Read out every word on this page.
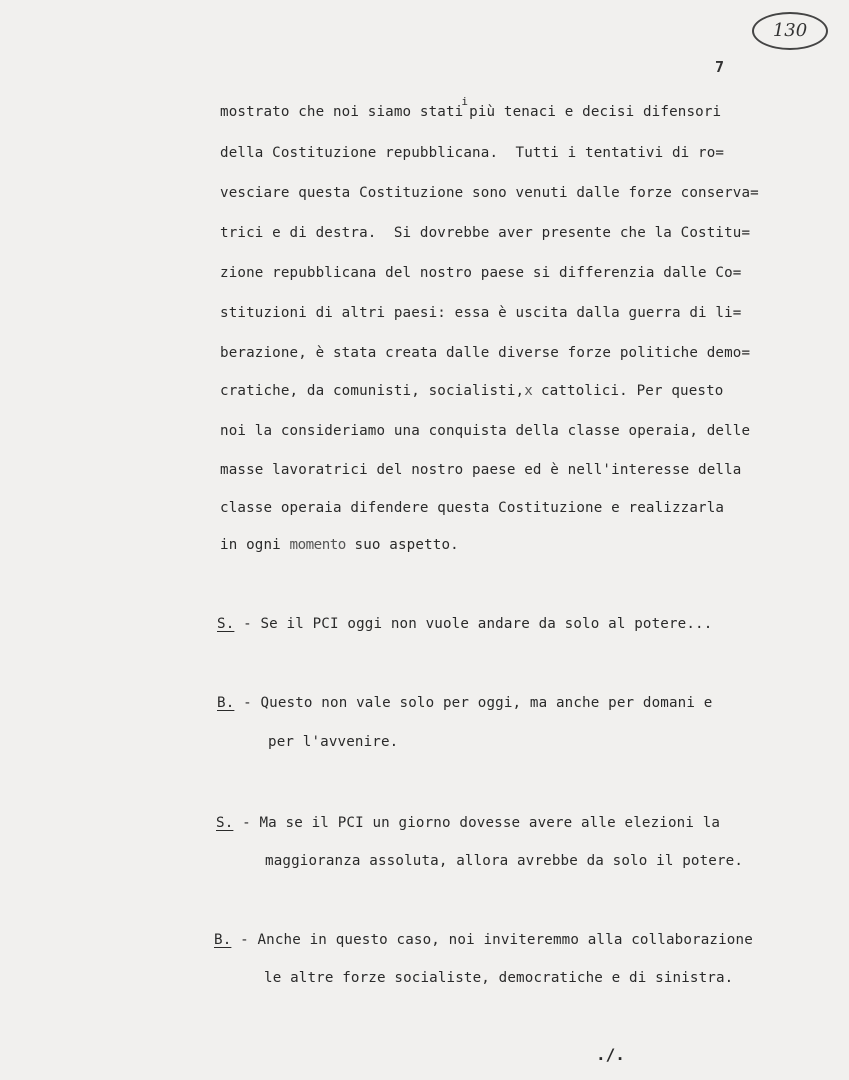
130
7
mostrato che noi siamo stati$^i$più tenaci e decisi difensori
della Costituzione repubblicana.  Tutti i tentativi di ro=
vesciare questa Costituzione sono venuti dalle forze conserva=
trici e di destra.  Si dovrebbe aver presente che la Costitu=
zione repubblicana del nostro paese si differenzia dalle Co=
stituzioni di altri paesi: essa è uscita dalla guerra di li=
berazione, è stata creata dalle diverse forze politiche demo=
cratiche, da comunisti, socialisti,x cattolici. Per questo
noi la consideriamo una conquista della classe operaia, delle
masse lavoratrici del nostro paese ed è nell'interesse della
classe operaia difendere questa Costituzione e realizzarla
in ogni momento suo aspetto.
S. - Se il PCI oggi non vuole andare da solo al potere...
B. - Questo non vale solo per oggi, ma anche per domani e
per l'avvenire.
S. - Ma se il PCI un giorno dovesse avere alle elezioni la
maggioranza assoluta, allora avrebbe da solo il potere.
B. - Anche in questo caso, noi inviteremmo alla collaborazione
le altre forze socialiste, democratiche e di sinistra.
./.
